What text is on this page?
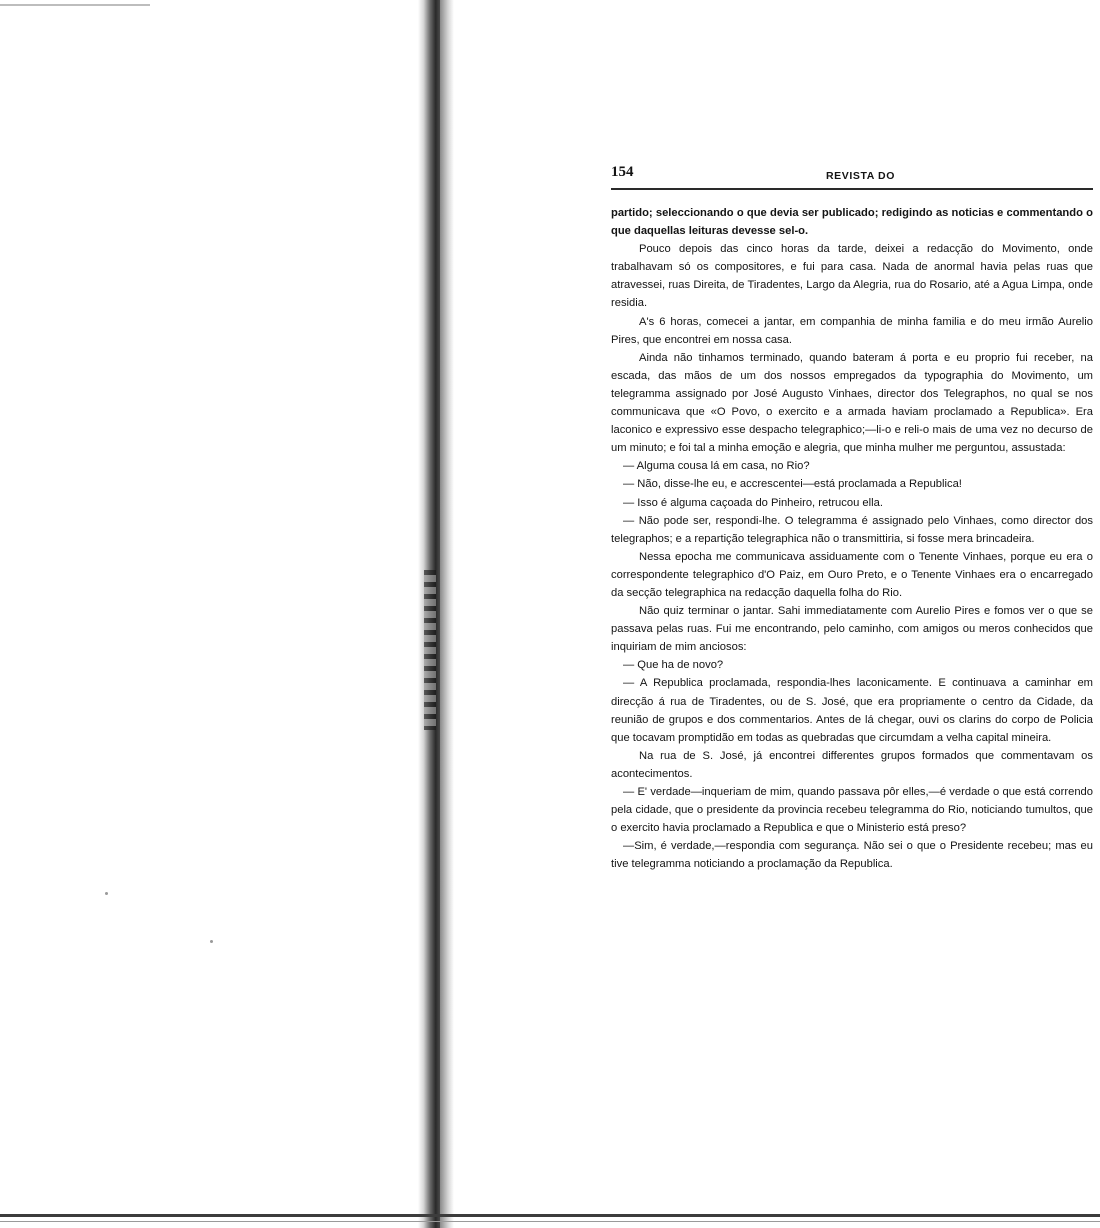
154	REVISTA DO

partido; seleccionando o que devia ser publicado; redigindo as noticias e commentando o que daquellas leituras devesse sel-o.

Pouco depois das cinco horas da tarde, deixei a redacção do Movimento, onde trabalhavam só os compositores, e fui para casa. Nada de anormal havia pelas ruas que atravessei, ruas Direita, de Tiradentes, Largo da Alegria, rua do Rosario, até a Agua Limpa, onde residia.

A's 6 horas, comecei a jantar, em companhia de minha familia e do meu irmão Aurelio Pires, que encontrei em nossa casa.

Ainda não tinhamos terminado, quando bateram á porta e eu proprio fui receber, na escada, das mãos de um dos nossos empregados da typographia do Movimento, um telegramma assignado por José Augusto Vinhaes, director dos Telegraphos, no qual se nos communicava que «O Povo, o exercito e a armada haviam proclamado a Republica». Era laconico e expressivo esse despacho telegraphico;—li-o e reli-o mais de uma vez no decurso de um minuto; e foi tal a minha emoção e alegria, que minha mulher me perguntou, assustada:

— Alguma cousa lá em casa, no Rio?

— Não, disse-lhe eu, e accrescentei—está proclamada a Republica!

— Isso é alguma caçoada do Pinheiro, retrucou ella.

— Não pode ser, respondi-lhe. O telegramma é assignado pelo Vinhaes, como director dos telegraphos; e a repartição telegraphica não o transmittiria, si fosse mera brincadeira.

Nessa epocha me communicava assiduamente com o Tenente Vinhaes, porque eu era o correspondente telegraphico d'O Paiz, em Ouro Preto, e o Tenente Vinhaes era o encarregado da secção telegraphica na redacção daquella folha do Rio.

Não quiz terminar o jantar. Sahi immediatamente com Aurelio Pires e fomos ver o que se passava pelas ruas. Fui me encontrando, pelo caminho, com amigos ou meros conhecidos que inquiriam de mim anciosos:

— Que ha de novo?

— A Republica proclamada, respondia-lhes laconicamente. E continuava a caminhar em direcção á rua de Tiradentes, ou de S. José, que era propriamente o centro da Cidade, da reunião de grupos e dos commentarios. Antes de lá chegar, ouvi os clarins do corpo de Policia que tocavam promptidão em todas as quebradas que circumdam a velha capital mineira.

Na rua de S. José, já encontrei differentes grupos formados que commentavam os acontecimentos.

— E' verdade—inqueriam de mim, quando passava pôr elles,—é verdade o que está correndo pela cidade, que o presidente da provincia recebeu telegramma do Rio, noticiando tumultos, que o exercito havia proclamado a Republica e que o Ministerio está preso?

—Sim, é verdade,—respondia com segurança. Não sei o que o Presidente recebeu; mas eu tive telegramma noticiando a proclamação da Republica.
